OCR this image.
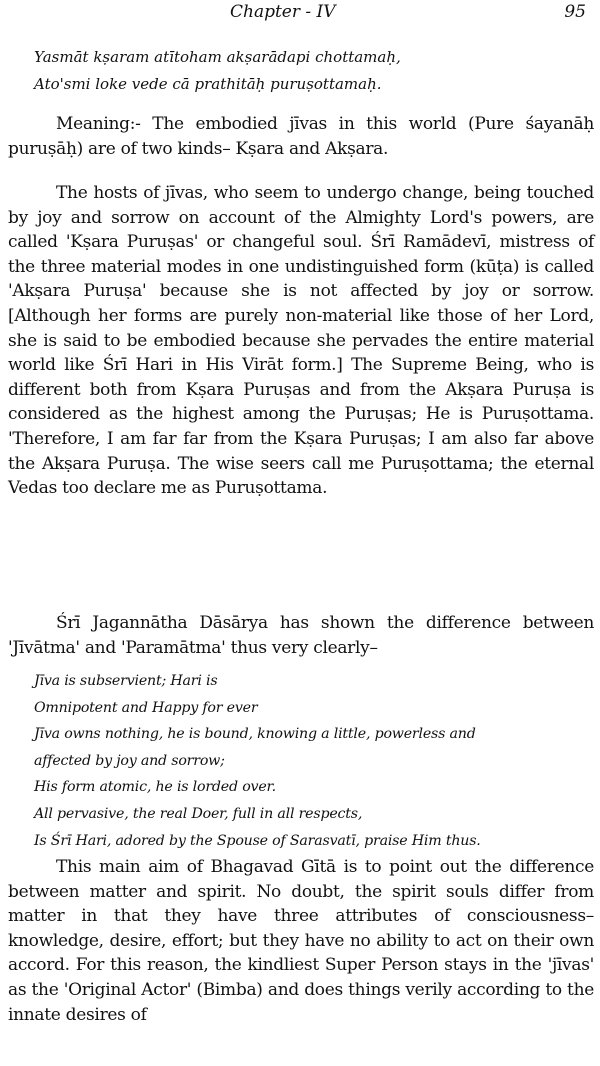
Chapter - IV	95
Yasmāt kṣaram atītoham akṣarādapi chottamaḥ,
Ato'smi loke vede cā prathitāḥ puruṣottamaḥ.

Meaning:- The embodied jīvas in this world (Pure śayanāḥ puruṣāḥ) are of two kinds– Kṣara and Akṣara.

The hosts of jīvas, who seem to undergo change, being touched by joy and sorrow on account of the Almighty Lord's powers, are called 'Kṣara Puruṣas' or changeful soul. Śrī Ramādevī, mistress of the three material modes in one undistinguished form (kūṭa) is called 'Akṣara Puruṣa' because she is not affected by joy or sorrow. [Although her forms are purely non-material like those of her Lord, she is said to be embodied because she pervades the entire material world like Śrī Hari in His Virāt form.] The Supreme Being, who is different both from Kṣara Puruṣas and from the Akṣara Puruṣa is considered as the highest among the Puruṣas; He is Puruṣottama. 'Therefore, I am far far from the Kṣara Puruṣas; I am also far above the Akṣara Puruṣa. The wise seers call me Puruṣottama; the eternal Vedas too declare me as Puruṣottama.

Śrī Jagannātha Dāsārya has shown the difference between 'Jīvātma' and 'Paramātma' thus very clearly–

Jīva is subservient; Hari is
Omnipotent and Happy for ever
Jīva owns nothing, he is bound, knowing a little, powerless and
affected by joy and sorrow;
His form atomic, he is lorded over.
All pervasive, the real Doer, full in all respects,
Is Śrī Hari, adored by the Spouse of Sarasvatī, praise Him thus.

This main aim of Bhagavad Gītā is to point out the difference between matter and spirit. No doubt, the spirit souls differ from matter in that they have three attributes of consciousness– knowledge, desire, effort; but they have no ability to act on their own accord. For this reason, the kindliest Super Person stays in the 'jīvas' as the 'Original Actor' (Bimba) and does things verily according to the innate desires of
